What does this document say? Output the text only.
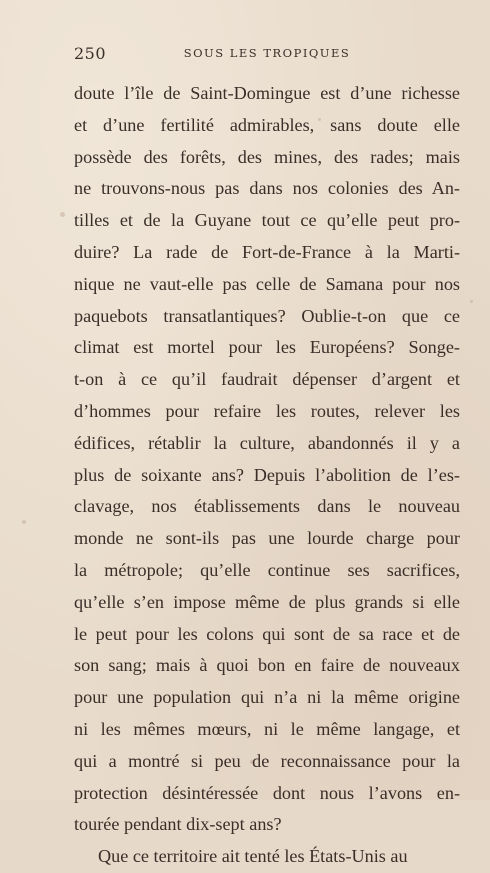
250	SOUS LES TROPIQUES
doute l’île de Saint-Domingue est d’une richesse
et d’une fertilité admirables, sans doute elle
possède des forêts, des mines, des rades; mais
ne trouvons-nous pas dans nos colonies des An-
tilles et de la Guyane tout ce qu’elle peut pro-
duire? La rade de Fort-de-France à la Marti-
nique ne vaut-elle pas celle de Samana pour nos
paquebots transatlantiques? Oublie-t-on que ce
climat est mortel pour les Européens? Songe-
t-on à ce qu’il faudrait dépenser d’argent et
d’hommes pour refaire les routes, relever les
édifices, rétablir la culture, abandonnés il y a
plus de soixante ans? Depuis l’abolition de l’es-
clavage, nos établissements dans le nouveau
monde ne sont-ils pas une lourde charge pour
la métropole; qu’elle continue ses sacrifices,
qu’elle s’en impose même de plus grands si elle
le peut pour les colons qui sont de sa race et de
son sang; mais à quoi bon en faire de nouveaux
pour une population qui n’a ni la même origine
ni les mêmes mœurs, ni le même langage, et
qui a montré si peu de reconnaissance pour la
protection désintéressée dont nous l’avons en-
tourée pendant dix-sept ans?
Que ce territoire ait tenté les États-Unis au
